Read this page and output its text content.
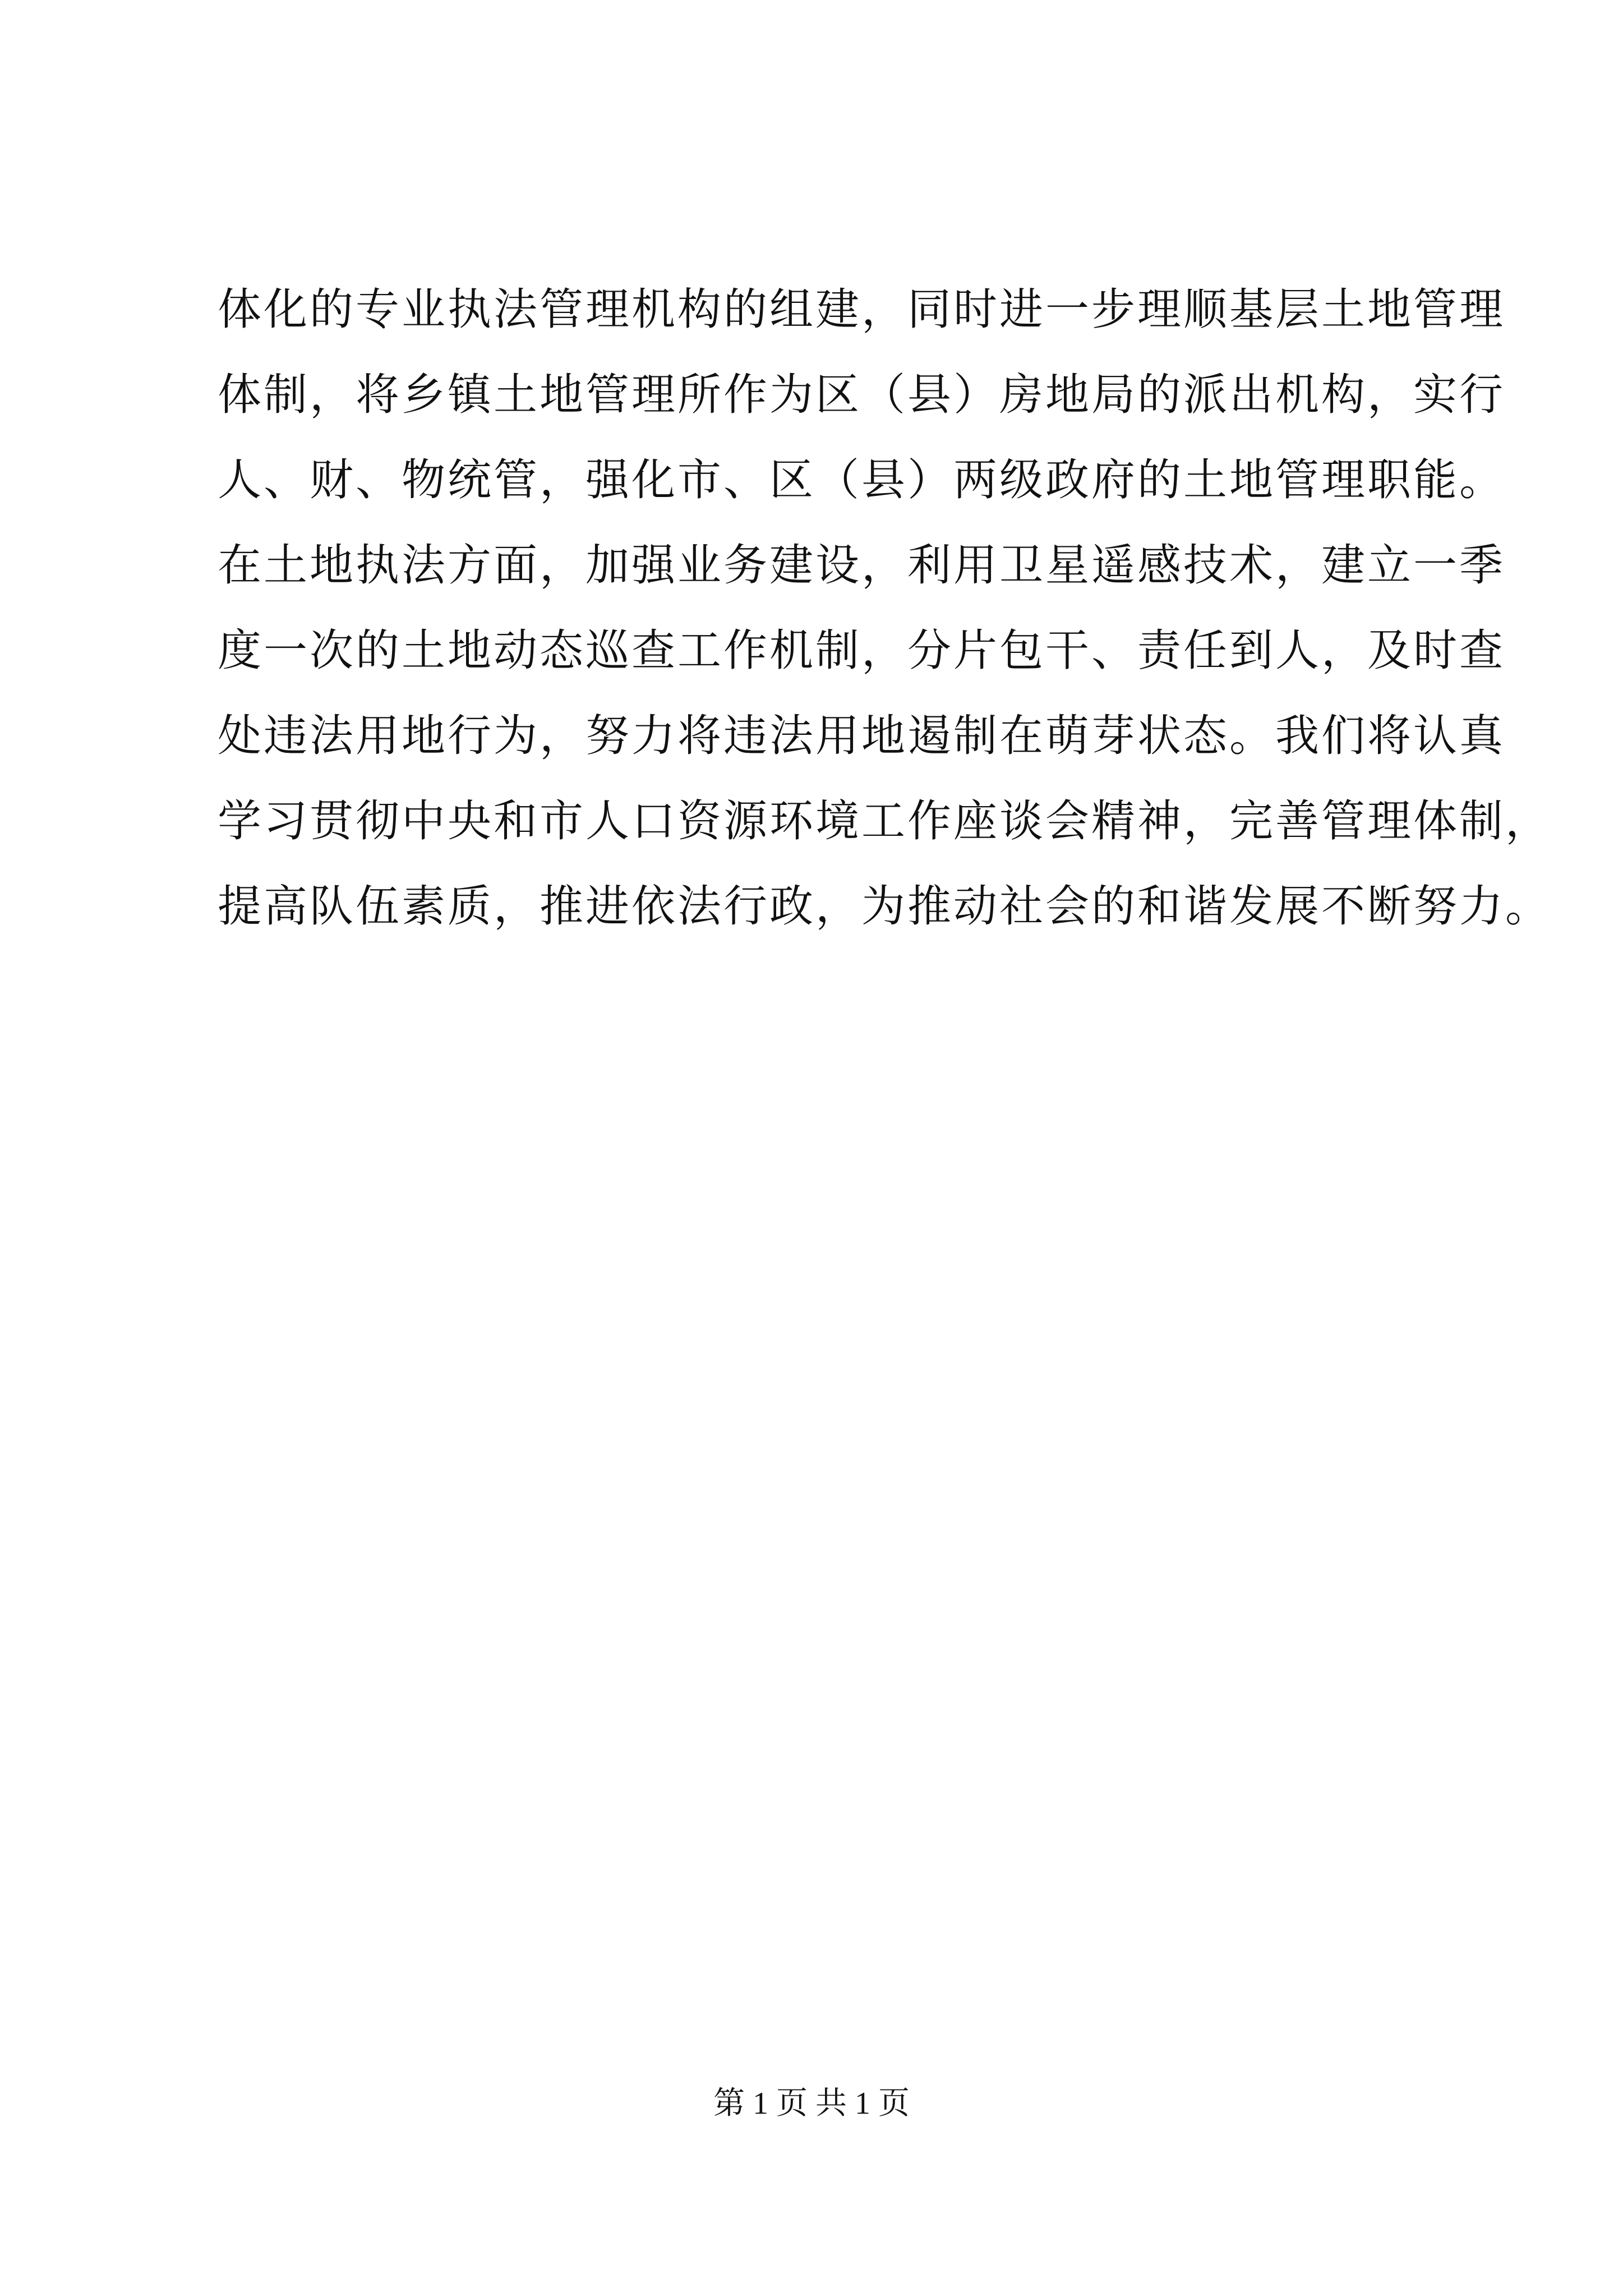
体化的专业执法管理机构的组建，同时进一步理顺基层土地管理
体制，将乡镇土地管理所作为区（县）房地局的派出机构，实行
人、财、物统管，强化市、区（县）两级政府的土地管理职能。
在土地执法方面，加强业务建设，利用卫星遥感技术，建立一季
度一次的土地动态巡查工作机制，分片包干、责任到人，及时查
处违法用地行为，努力将违法用地遏制在萌芽状态。我们将认真
学习贯彻中央和市人口资源环境工作座谈会精神，完善管理体制，
提高队伍素质，推进依法行政，为推动社会的和谐发展不断努力。
第 1 页 共 1 页
